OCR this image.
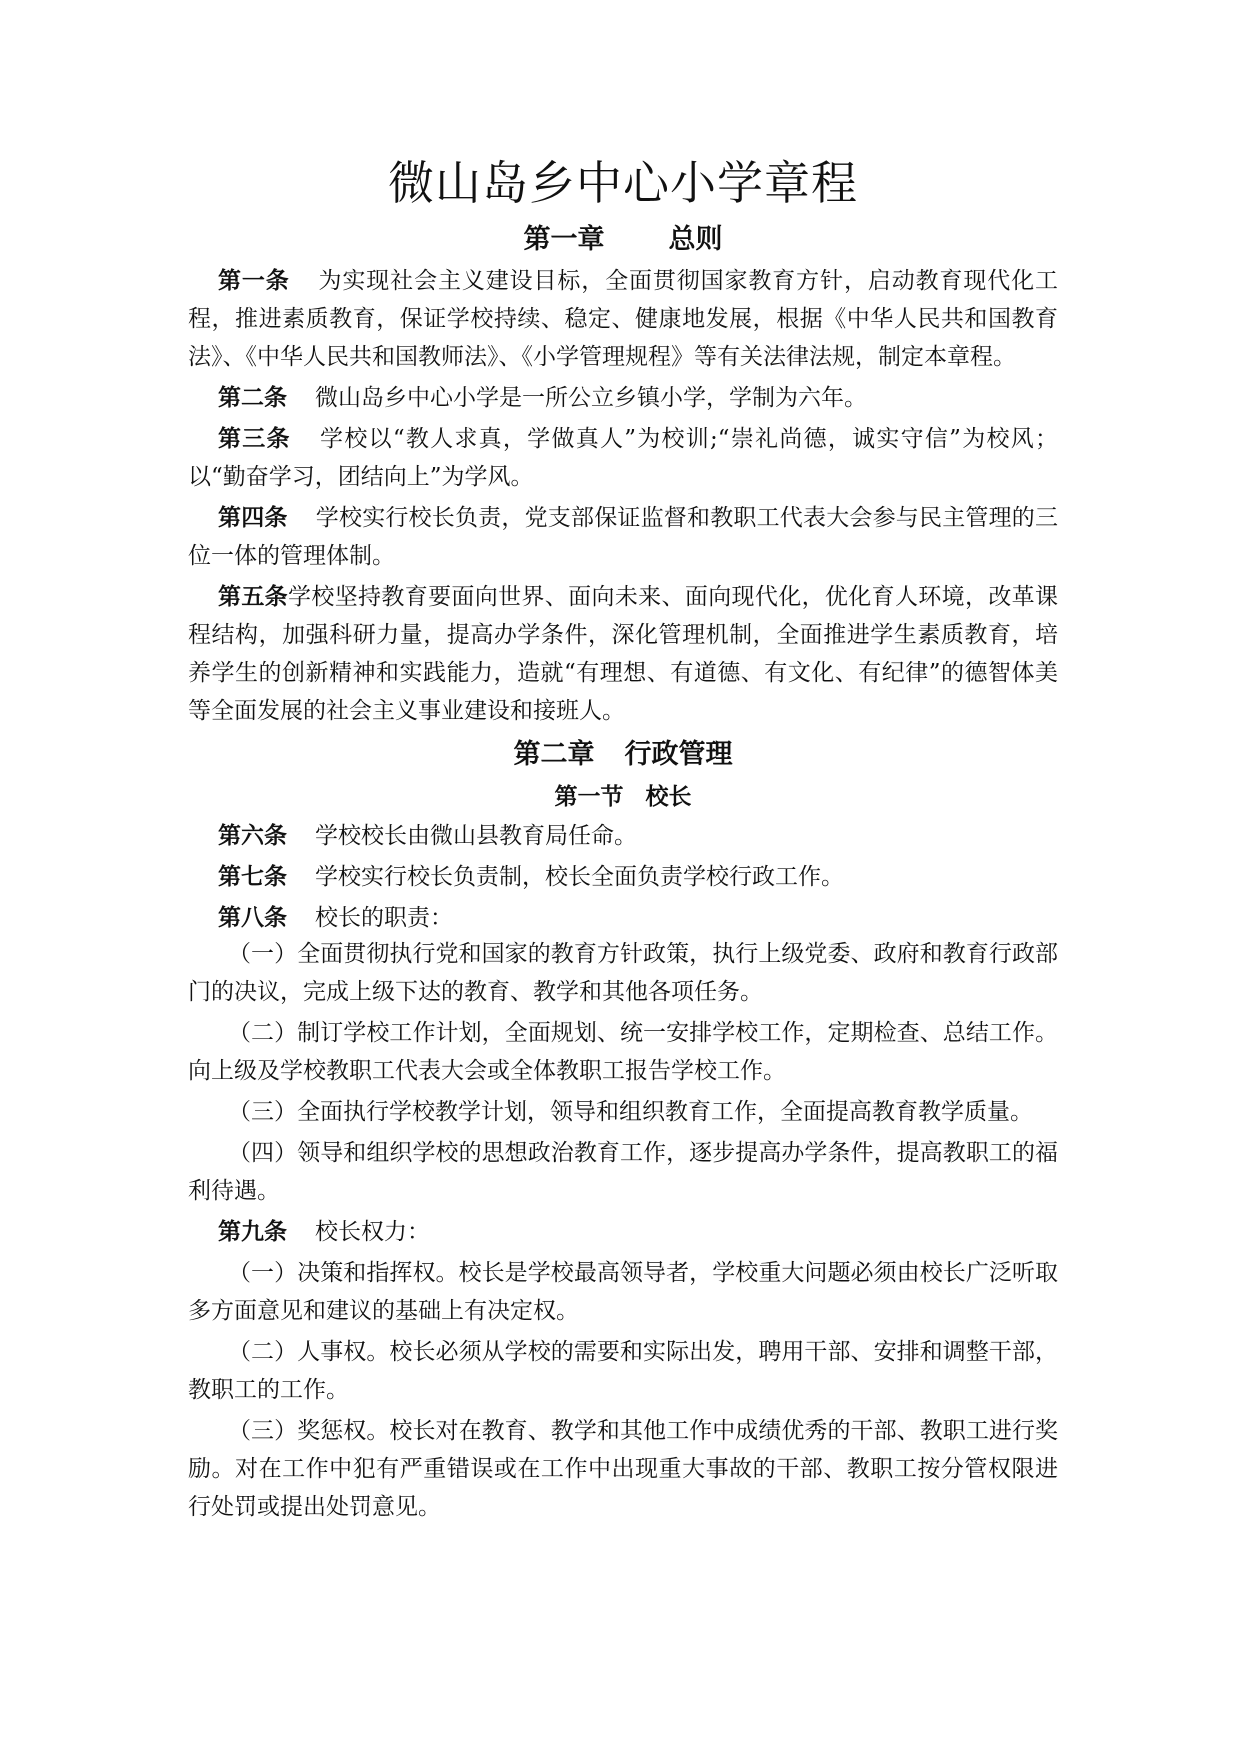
微山岛乡中心小学章程
第一章 总则

第一条 为实现社会主义建设目标，全面贯彻国家教育方针，启动教育现代化工程，推进素质教育，保证学校持续、稳定、健康地发展，根据《中华人民共和国教育法》、《中华人民共和国教师法》、《小学管理规程》等有关法律法规，制定本章程。

第二条 微山岛乡中心小学是一所公立乡镇小学，学制为六年。

第三条 学校以“教人求真，学做真人”为校训;“崇礼尚德，诚实守信”为校风；以“勤奋学习，团结向上”为学风。

第四条 学校实行校长负责，党支部保证监督和教职工代表大会参与民主管理的三位一体的管理体制。

第五条学校坚持教育要面向世界、面向未来、面向现代化，优化育人环境，改革课程结构，加强科研力量，提高办学条件，深化管理机制，全面推进学生素质教育，培养学生的创新精神和实践能力，造就“有理想、有道德、有文化、有纪律”的德智体美等全面发展的社会主义事业建设和接班人。

第二章 行政管理
第一节 校长

第六条 学校校长由微山县教育局任命。

第七条 学校实行校长负责制，校长全面负责学校行政工作。

第八条 校长的职责：

（一）全面贯彻执行党和国家的教育方针政策，执行上级党委、政府和教育行政部门的决议，完成上级下达的教育、教学和其他各项任务。

（二）制订学校工作计划，全面规划、统一安排学校工作，定期检查、总结工作。向上级及学校教职工代表大会或全体教职工报告学校工作。

（三）全面执行学校教学计划，领导和组织教育工作，全面提高教育教学质量。

（四）领导和组织学校的思想政治教育工作，逐步提高办学条件，提高教职工的福利待遇。

第九条 校长权力：

（一）决策和指挥权。校长是学校最高领导者，学校重大问题必须由校长广泛听取多方面意见和建议的基础上有决定权。

（二）人事权。校长必须从学校的需要和实际出发，聘用干部、安排和调整干部，教职工的工作。

（三）奖惩权。校长对在教育、教学和其他工作中成绩优秀的干部、教职工进行奖励。对在工作中犯有严重错误或在工作中出现重大事故的干部、教职工按分管权限进行处罚或提出处罚意见。
